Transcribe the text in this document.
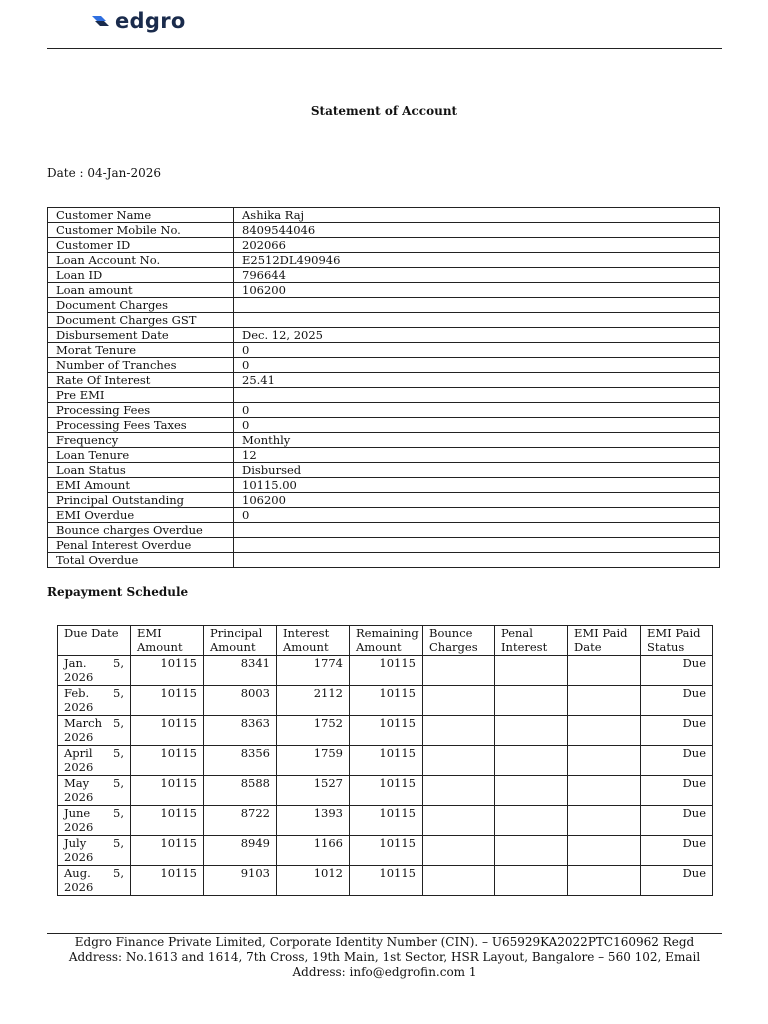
edgro
Statement of Account
Date : 04-Jan-2026
Customer Name	Ashika Raj
Customer Mobile No.	8409544046
Customer ID	202066
Loan Account No.	E2512DL490946
Loan ID	796644
Loan amount	106200
Document Charges	
Document Charges GST	
Disbursement Date	Dec. 12, 2025
Morat Tenure	0
Number of Tranches	0
Rate Of Interest	25.41
Pre EMI	
Processing Fees	0
Processing Fees Taxes	0
Frequency	Monthly
Loan Tenure	12
Loan Status	Disbursed
EMI Amount	10115.00
Principal Outstanding	106200
EMI Overdue	0
Bounce charges Overdue	
Penal Interest Overdue	
Total Overdue	
Repayment Schedule
Due Date	EMI Amount	Principal Amount	Interest Amount	Remaining Amount	Bounce Charges	Penal Interest	EMI Paid Date	EMI Paid Status

Jan. 5,
2026	10115	8341	1774	10115				Due

Feb. 5,
2026	10115	8003	2112	10115				Due

March 5,
2026	10115	8363	1752	10115				Due

April 5,
2026	10115	8356	1759	10115				Due

May 5,
2026	10115	8588	1527	10115				Due

June 5,
2026	10115	8722	1393	10115				Due

July 5,
2026	10115	8949	1166	10115				Due

Aug. 5,
2026	10115	9103	1012	10115				Due
Edgro Finance Private Limited, Corporate Identity Number (CIN). – U65929KA2022PTC160962 Regd Address: No.1613 and 1614, 7th Cross, 19th Main, 1st Sector, HSR Layout, Bangalore – 560 102, Email Address: info@edgrofin.com 1
